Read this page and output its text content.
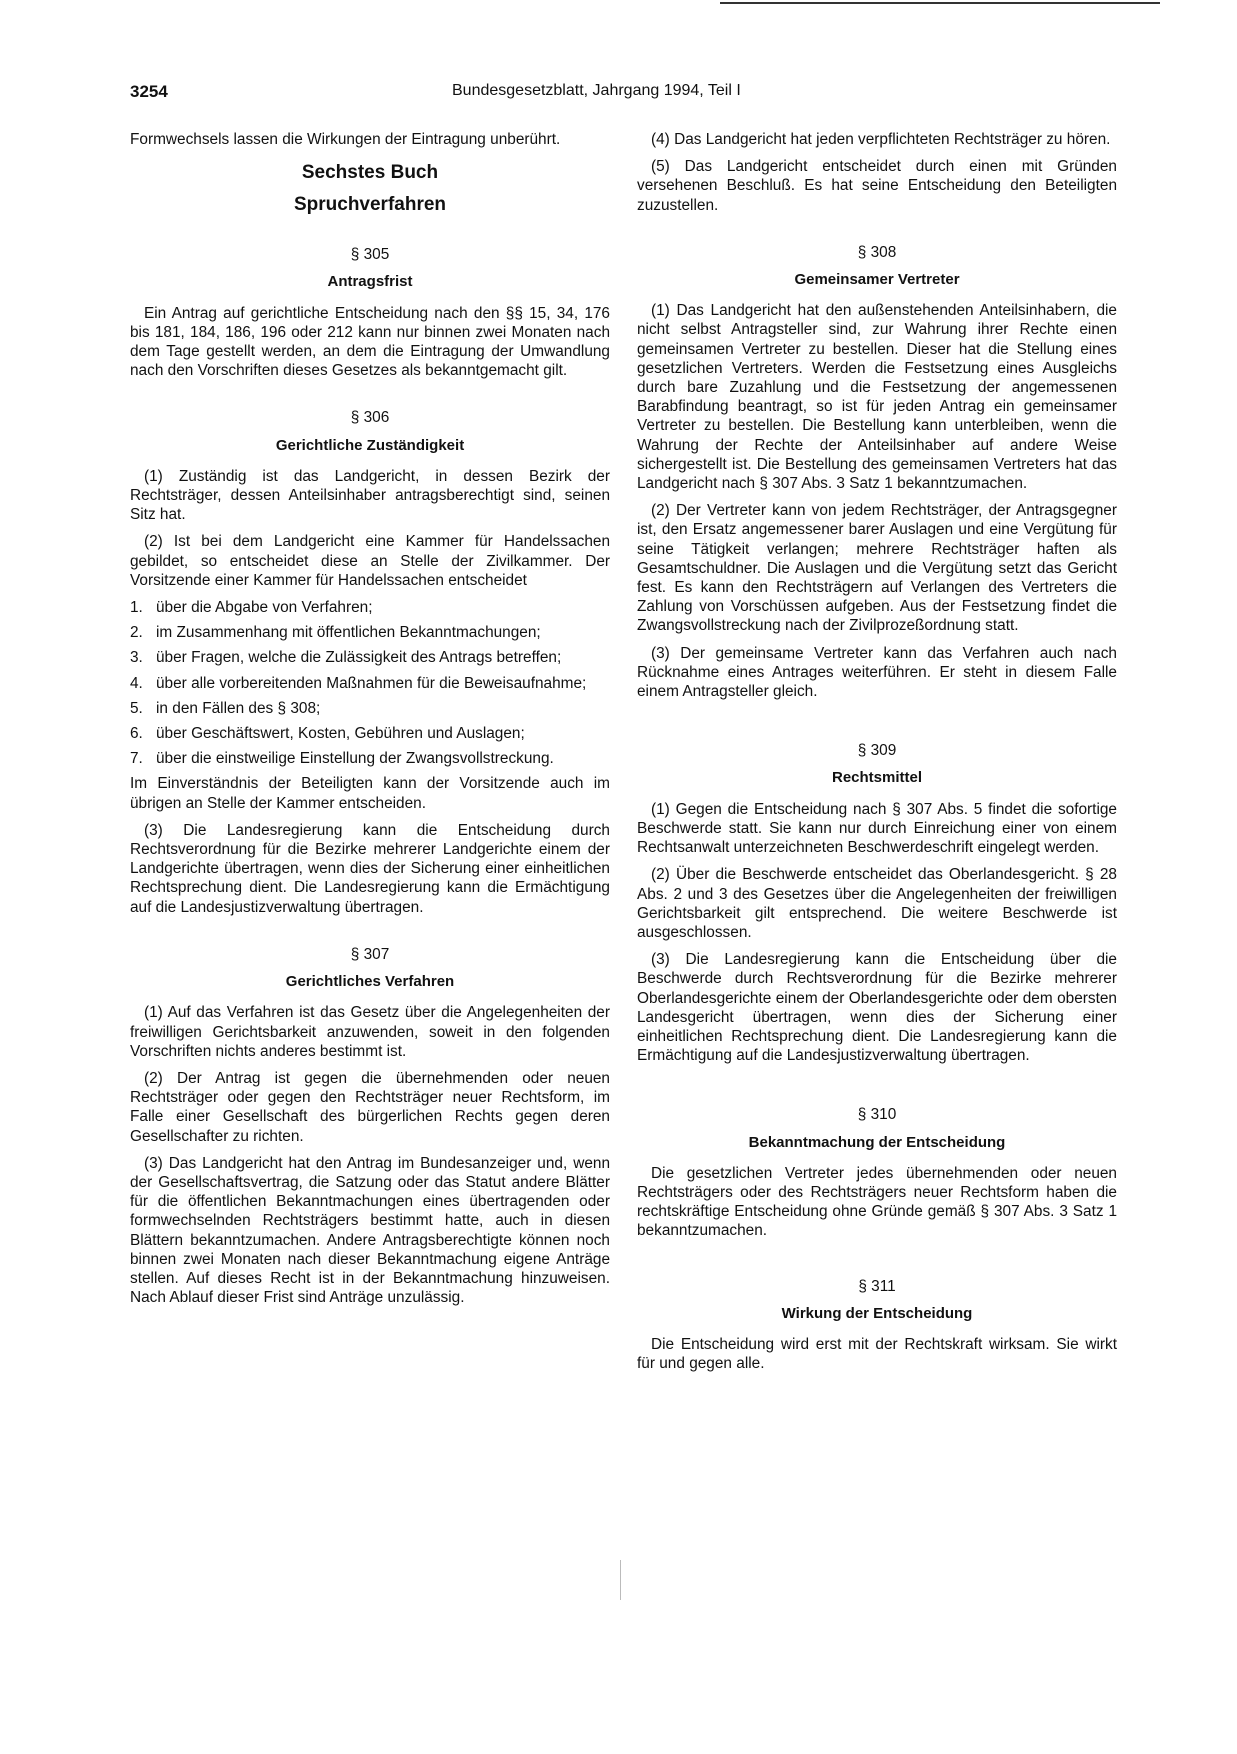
3254	Bundesgesetzblatt, Jahrgang 1994, Teil I

Formwechsels lassen die Wirkungen der Eintragung unberührt.

Sechstes Buch
Spruchverfahren
§ 305
Antragsfrist

Ein Antrag auf gerichtliche Entscheidung nach den §§ 15, 34, 176 bis 181, 184, 186, 196 oder 212 kann nur binnen zwei Monaten nach dem Tage gestellt werden, an dem die Eintragung der Umwandlung nach den Vorschriften dieses Gesetzes als bekanntgemacht gilt.

§ 306
Gerichtliche Zuständigkeit

(1) Zuständig ist das Landgericht, in dessen Bezirk der Rechtsträger, dessen Anteilsinhaber antragsberechtigt sind, seinen Sitz hat.

(2) Ist bei dem Landgericht eine Kammer für Handelssachen gebildet, so entscheidet diese an Stelle der Zivilkammer. Der Vorsitzende einer Kammer für Handelssachen entscheidet

1. über die Abgabe von Verfahren;
2. im Zusammenhang mit öffentlichen Bekanntmachungen;
3. über Fragen, welche die Zulässigkeit des Antrags betreffen;
4. über alle vorbereitenden Maßnahmen für die Beweisaufnahme;
5. in den Fällen des § 308;
6. über Geschäftswert, Kosten, Gebühren und Auslagen;
7. über die einstweilige Einstellung der Zwangsvollstreckung.

Im Einverständnis der Beteiligten kann der Vorsitzende auch im übrigen an Stelle der Kammer entscheiden.

(3) Die Landesregierung kann die Entscheidung durch Rechtsverordnung für die Bezirke mehrerer Landgerichte einem der Landgerichte übertragen, wenn dies der Sicherung einer einheitlichen Rechtsprechung dient. Die Landesregierung kann die Ermächtigung auf die Landesjustizverwaltung übertragen.

§ 307
Gerichtliches Verfahren

(1) Auf das Verfahren ist das Gesetz über die Angelegenheiten der freiwilligen Gerichtsbarkeit anzuwenden, soweit in den folgenden Vorschriften nichts anderes bestimmt ist.

(2) Der Antrag ist gegen die übernehmenden oder neuen Rechtsträger oder gegen den Rechtsträger neuer Rechtsform, im Falle einer Gesellschaft des bürgerlichen Rechts gegen deren Gesellschafter zu richten.

(3) Das Landgericht hat den Antrag im Bundesanzeiger und, wenn der Gesellschaftsvertrag, die Satzung oder das Statut andere Blätter für die öffentlichen Bekanntmachungen eines übertragenden oder formwechselnden Rechtsträgers bestimmt hatte, auch in diesen Blättern bekanntzumachen. Andere Antragsberechtigte können noch binnen zwei Monaten nach dieser Bekanntmachung eigene Anträge stellen. Auf dieses Recht ist in der Bekanntmachung hinzuweisen. Nach Ablauf dieser Frist sind Anträge unzulässig.

(4) Das Landgericht hat jeden verpflichteten Rechtsträger zu hören.

(5) Das Landgericht entscheidet durch einen mit Gründen versehenen Beschluß. Es hat seine Entscheidung den Beteiligten zuzustellen.

§ 308
Gemeinsamer Vertreter

(1) Das Landgericht hat den außenstehenden Anteilsinhabern, die nicht selbst Antragsteller sind, zur Wahrung ihrer Rechte einen gemeinsamen Vertreter zu bestellen. Dieser hat die Stellung eines gesetzlichen Vertreters. Werden die Festsetzung eines Ausgleichs durch bare Zuzahlung und die Festsetzung der angemessenen Barabfindung beantragt, so ist für jeden Antrag ein gemeinsamer Vertreter zu bestellen. Die Bestellung kann unterbleiben, wenn die Wahrung der Rechte der Anteilsinhaber auf andere Weise sichergestellt ist. Die Bestellung des gemeinsamen Vertreters hat das Landgericht nach § 307 Abs. 3 Satz 1 bekanntzumachen.

(2) Der Vertreter kann von jedem Rechtsträger, der Antragsgegner ist, den Ersatz angemessener barer Auslagen und eine Vergütung für seine Tätigkeit verlangen; mehrere Rechtsträger haften als Gesamtschuldner. Die Auslagen und die Vergütung setzt das Gericht fest. Es kann den Rechtsträgern auf Verlangen des Vertreters die Zahlung von Vorschüssen aufgeben. Aus der Festsetzung findet die Zwangsvollstreckung nach der Zivilprozeßordnung statt.

(3) Der gemeinsame Vertreter kann das Verfahren auch nach Rücknahme eines Antrages weiterführen. Er steht in diesem Falle einem Antragsteller gleich.

§ 309
Rechtsmittel

(1) Gegen die Entscheidung nach § 307 Abs. 5 findet die sofortige Beschwerde statt. Sie kann nur durch Einreichung einer von einem Rechtsanwalt unterzeichneten Beschwerdeschrift eingelegt werden.

(2) Über die Beschwerde entscheidet das Oberlandesgericht. § 28 Abs. 2 und 3 des Gesetzes über die Angelegenheiten der freiwilligen Gerichtsbarkeit gilt entsprechend. Die weitere Beschwerde ist ausgeschlossen.

(3) Die Landesregierung kann die Entscheidung über die Beschwerde durch Rechtsverordnung für die Bezirke mehrerer Oberlandesgerichte einem der Oberlandesgerichte oder dem obersten Landesgericht übertragen, wenn dies der Sicherung einer einheitlichen Rechtsprechung dient. Die Landesregierung kann die Ermächtigung auf die Landesjustizverwaltung übertragen.

§ 310
Bekanntmachung der Entscheidung

Die gesetzlichen Vertreter jedes übernehmenden oder neuen Rechtsträgers oder des Rechtsträgers neuer Rechtsform haben die rechtskräftige Entscheidung ohne Gründe gemäß § 307 Abs. 3 Satz 1 bekanntzumachen.

§ 311
Wirkung der Entscheidung

Die Entscheidung wird erst mit der Rechtskraft wirksam. Sie wirkt für und gegen alle.
